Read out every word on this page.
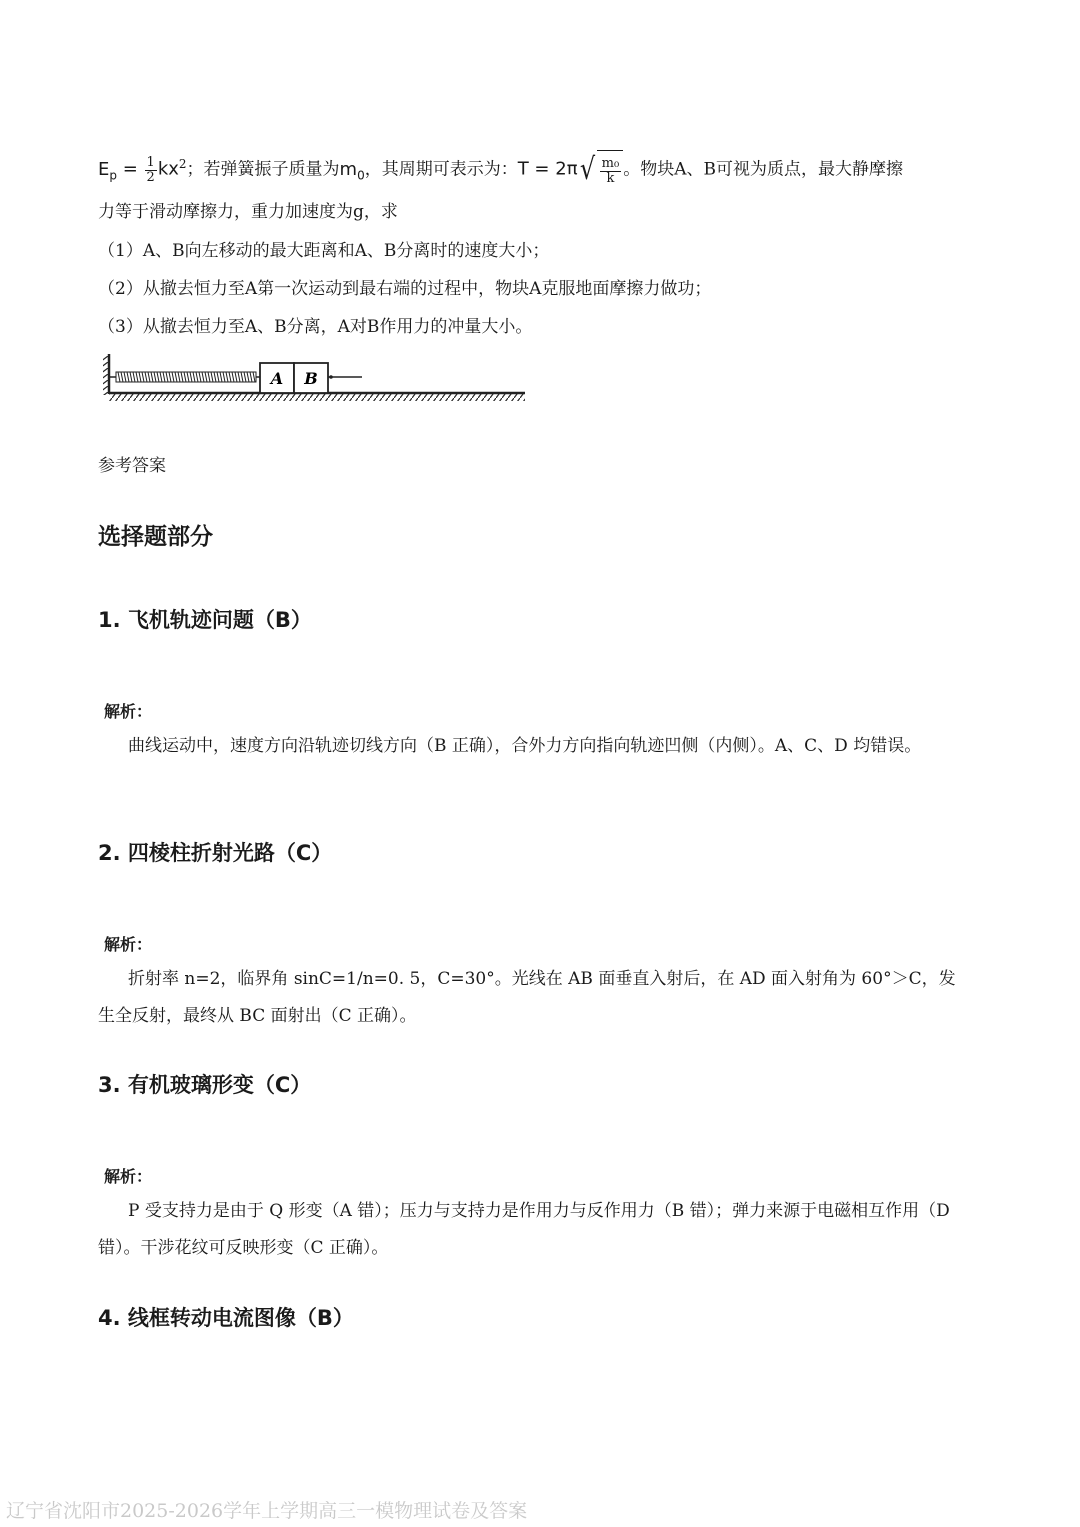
$E_p = \frac{1}{2} kx^2$；若弹簧振子质量为$m_0$，其周期可表示为：$T = 2\pi√ \frac{\text{m₀}}{k}$ 。物块A、B可视为质点，最大静摩擦
力等于滑动摩擦力，重力加速度为g，求
（1）A、B向左移动的最大距离和A、B分离时的速度大小；
（2）从撤去恒力至A第一次运动到最右端的过程中，物块A克服地面摩擦力做功；
（3）从撤去恒力至A、B分离，A对B作用力的冲量大小。
A B
参考答案
选择题部分
1. 飞机轨迹问题（B）
解析：
曲线运动中，速度方向沿轨迹切线方向（B 正确），合外力方向指向轨迹凹侧（内侧）。A、C、D 均错误。
2. 四棱柱折射光路（C）
解析：
折射率 n=2，临界角 sinC=1/n=0. 5，C=30°。光线在 AB 面垂直入射后，在 AD 面入射角为 60°＞C，发生全反射，最终从 BC 面射出（C 正确）。
3. 有机玻璃形变（C）
解析：
P 受支持力是由于 Q 形变（A 错）；压力与支持力是作用力与反作用力（B 错）；弹力来源于电磁相互作用（D 错）。干涉花纹可反映形变（C 正确）。
4. 线框转动电流图像（B）
辽宁省沈阳市2025-2026学年上学期高三一模物理试卷及答案
